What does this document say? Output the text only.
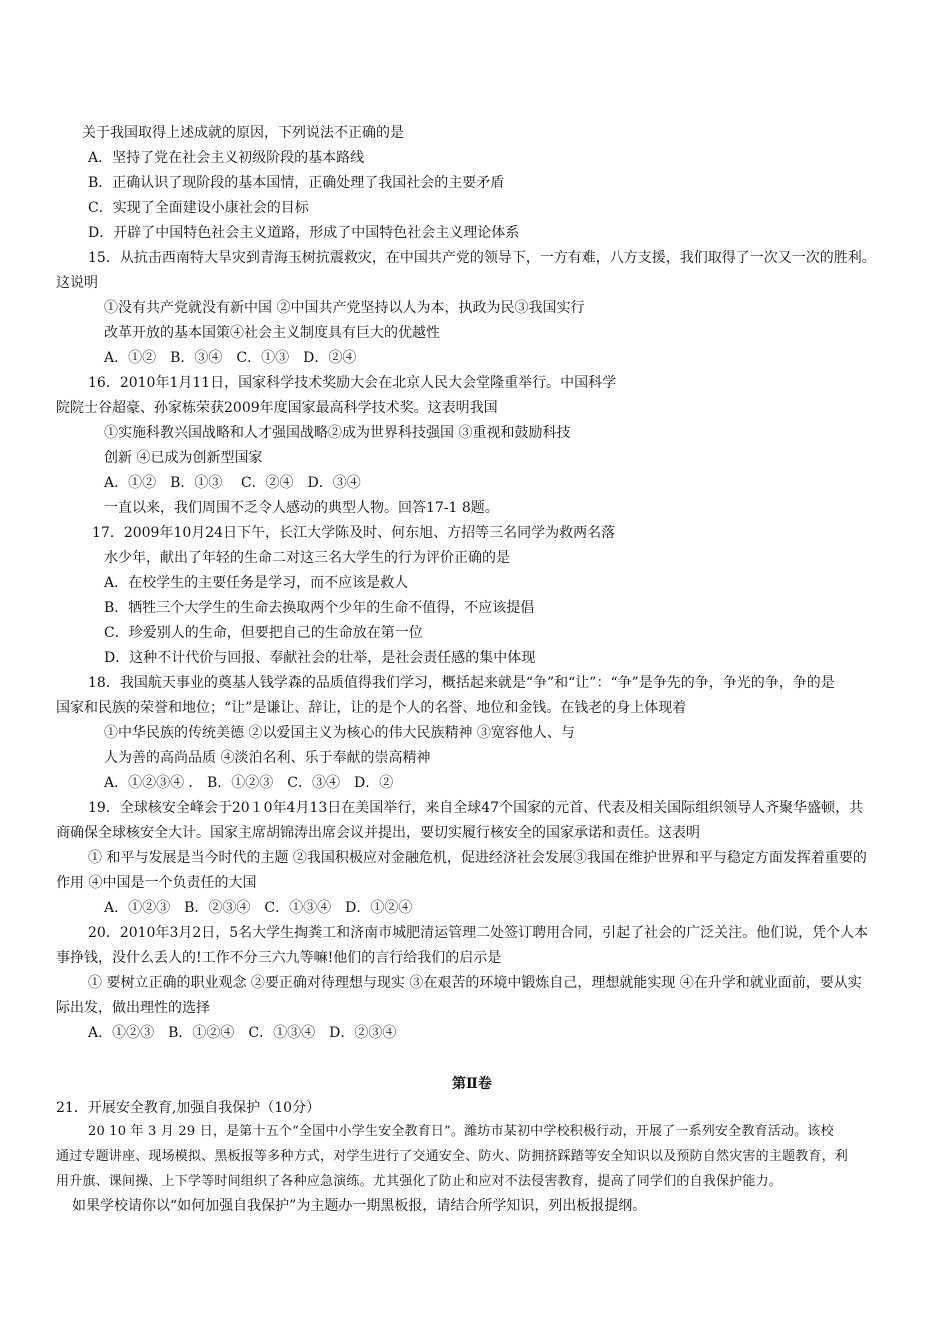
关于我国取得上述成就的原因，下列说法不正确的是
A．坚持了党在社会主义初级阶段的基本路线
B．正确认识了现阶段的基本国情，正确处理了我国社会的主要矛盾
C．实现了全面建设小康社会的目标
D．开辟了中国特色社会主义道路，形成了中国特色社会主义理论体系
15．从抗击西南特大旱灾到青海玉树抗震救灾，在中国共产党的领导下，一方有难，八方支援，我们取得了一次又一次的胜利。
这说明
①没有共产党就没有新中国 ②中国共产党坚持以人为本，执政为民③我国实行
改革开放的基本国策④社会主义制度具有巨大的优越性
A．①②　B．③④　C．①③　D．②④
16．2010年1月11日，国家科学技术奖励大会在北京人民大会堂隆重举行。中国科学
院院士谷超豪、孙家栋荣获2009年度国家最高科学技术奖。这表明我国
①实施科教兴国战略和人才强国战略②成为世界科技强国 ③重视和鼓励科技
创新 ④已成为创新型国家
A．①②　B．①③　 C．②④　D．③④
一直以来，我们周围不乏令人感动的典型人物。回答17-1 8题。
17．2009年10月24日下午，长江大学陈及时、何东旭、方招等三名同学为救两名落
水少年，献出了年轻的生命二对这三名大学生的行为评价正确的是
A．在校学生的主要任务是学习，而不应该是救人
B．牺牲三个大学生的生命去换取两个少年的生命不值得，不应该提倡
C．珍爱别人的生命，但要把自己的生命放在第一位
D．这种不计代价与回报、奉献社会的壮举，是社会责任感的集中体现
18．我国航天事业的奠基人钱学森的品质值得我们学习，概括起来就是“争”和“让”：“争”是争先的争，争光的争，争的是
国家和民族的荣誉和地位；“让”是谦让、辞让，让的是个人的名誉、地位和金钱。在钱老的身上体现着
①中华民族的传统美德 ②以爱国主义为核心的伟大民族精神 ③宽容他人、与
人为善的高尚品质 ④淡泊名利、乐于奉献的崇高精神
A．①②③④ ． B．①②③　C．③④　D．②
19．全球核安全峰会于20１0年4月13日在美国举行，来自全球47个国家的元首、代表及相关国际组织领导人齐聚华盛顿，共
商确保全球核安全大计。国家主席胡锦涛出席会议并提出，要切实履行核安全的国家承诺和责任。这表明
① 和平与发展是当今时代的主题 ②我国积极应对金融危机，促进经济社会发展③我国在维护世界和平与稳定方面发挥着重要的
作用 ④中国是一个负责任的大国
A．①②③　B．②③④　C．①③④　D．①②④
20．2010年3月2日，5名大学生掏粪工和济南市城肥清运管理二处签订聘用合同，引起了社会的广泛关注。他们说，凭个人本
事挣钱，没什么丢人的!工作不分三六九等嘛!他们的言行给我们的启示是
① 要树立正确的职业观念 ②要正确对待理想与现实 ③在艰苦的环境中锻炼自己，理想就能实现 ④在升学和就业面前，要从实
际出发，做出理性的选择
A．①②③　B．①②④　C．①③④　D．②③④
第Ⅱ卷
21．开展安全教育,加强自我保护（10分）
20 10 年 3 月 29 日，是第十五个“全国中小学生安全教育日”。潍坊市某初中学校积极行动，开展了一系列安全教育活动。该校
通过专题讲座、现场模拟、黑板报等多种方式，对学生进行了交通安全、防火、防拥挤踩踏等安全知识以及预防自然灾害的主题教育，利
用升旗、课间操、上下学等时间组织了各种应急演练。尤其强化了防止和应对不法侵害教育，提高了同学们的自我保护能力。
如果学校请你以“如何加强自我保护”为主题办一期黑板报，请结合所学知识，列出板报提纲。
